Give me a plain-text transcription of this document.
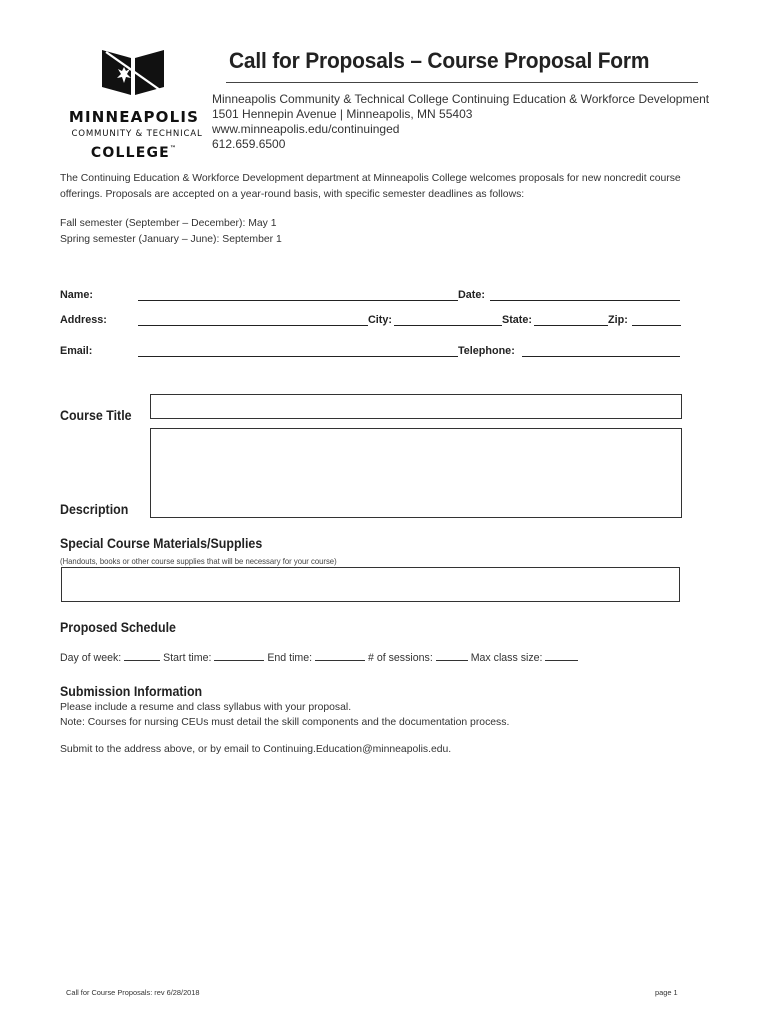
MINNEAPOLIS
COMMUNITY & TECHNICAL
COLLEGE™
Call for Proposals – Course Proposal Form
Minneapolis Community & Technical College Continuing Education & Workforce Development
1501 Hennepin Avenue | Minneapolis, MN 55403
www.minneapolis.edu/continuinged
612.659.6500
The Continuing Education & Workforce Development department at Minneapolis College welcomes proposals for new noncredit course offerings. Proposals are accepted on a year-round basis, with specific semester deadlines as follows:
Fall semester (September – December): May 1
Spring semester (January – June): September 1
Name:	Date:
Address:	City:	State:	Zip:
Email:	Telephone:
Course Title
Description
Special Course Materials/Supplies
(Handouts, books or other course supplies that will be necessary for your course)
Proposed Schedule
Day of week:	Start time:	End time:	# of sessions:	Max class size:
Submission Information
Please include a resume and class syllabus with your proposal.
Note: Courses for nursing CEUs must detail the skill components and the documentation process.
Submit to the address above, or by email to Continuing.Education@minneapolis.edu.
Call for Course Proposals: rev 6/28/2018	page 1
